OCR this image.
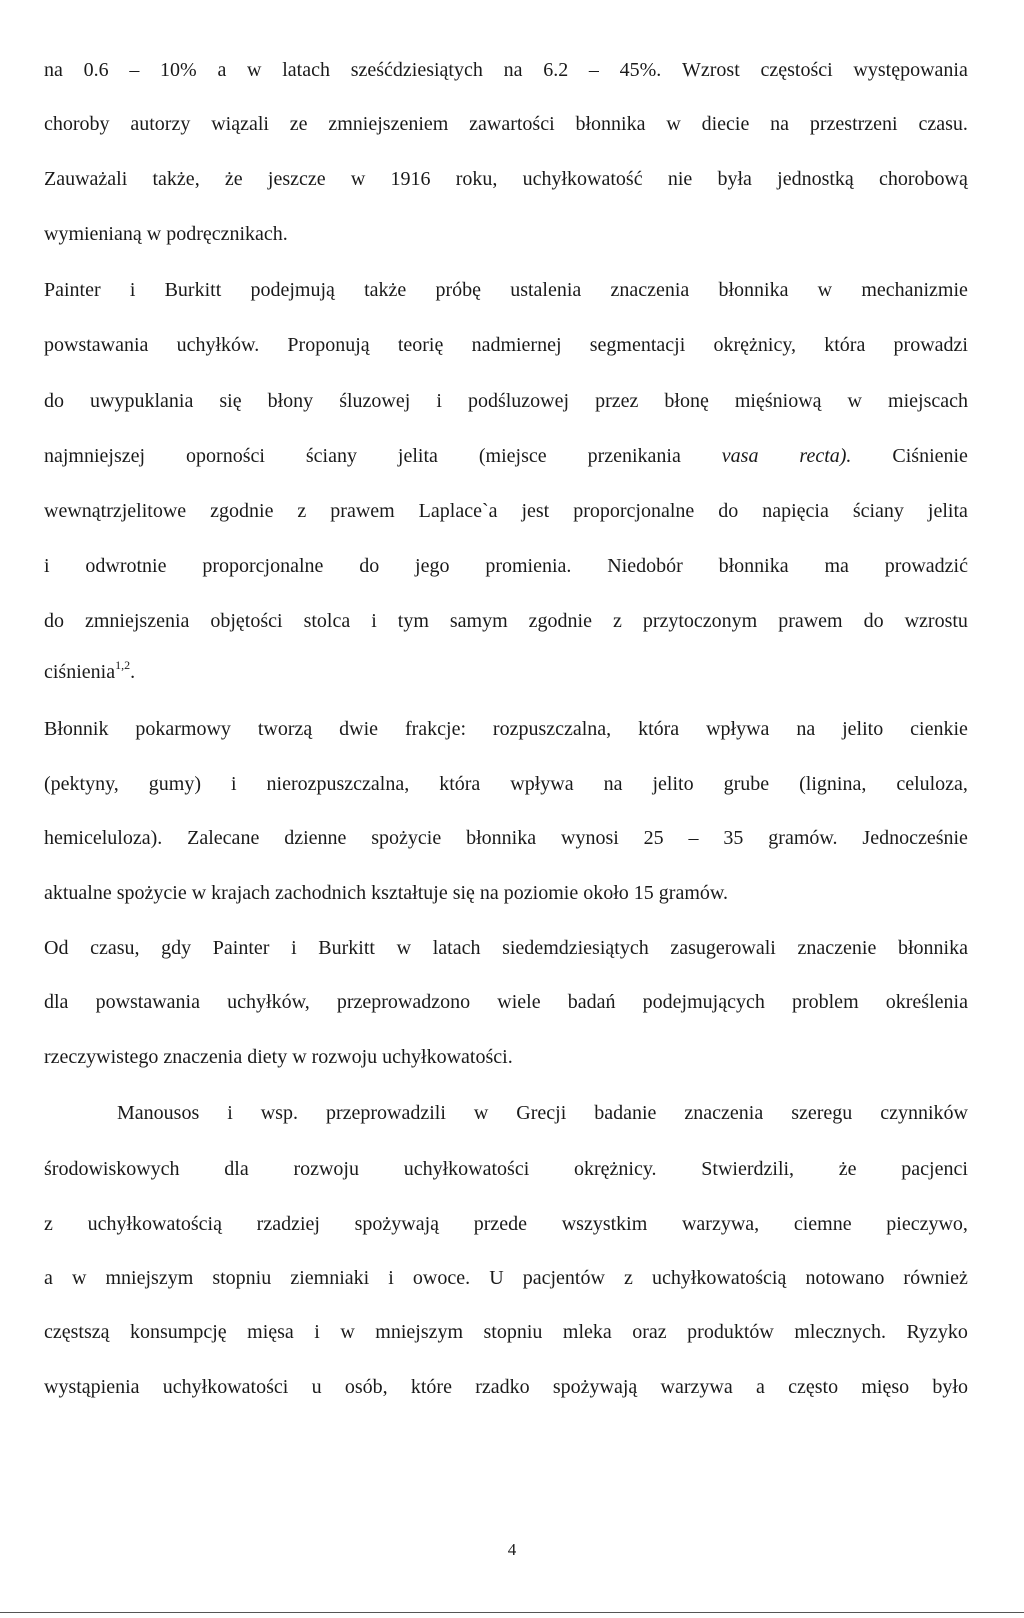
na 0.6 – 10% a w latach sześćdziesiątych na 6.2 – 45%. Wzrost częstości występowania
choroby autorzy wiązali ze zmniejszeniem zawartości błonnika w diecie na przestrzeni czasu.
Zauważali także, że jeszcze w 1916 roku, uchyłkowatość nie była jednostką chorobową
wymienianą w podręcznikach.
Painter i Burkitt podejmują także próbę ustalenia znaczenia błonnika w mechanizmie
powstawania uchyłków. Proponują teorię nadmiernej segmentacji okrężnicy, która prowadzi
do uwypuklania się błony śluzowej i podśluzowej przez błonę mięśniową w miejscach
najmniejszej oporności ściany jelita (miejsce przenikania vasa recta). Ciśnienie
wewnątrzjelitowe zgodnie z prawem Laplace`a jest proporcjonalne do napięcia ściany jelita
i odwrotnie proporcjonalne do jego promienia. Niedobór błonnika ma prowadzić
do zmniejszenia objętości stolca i tym samym zgodnie z przytoczonym prawem do wzrostu
ciśnienia$^{1,2}$.
Błonnik pokarmowy tworzą dwie frakcje: rozpuszczalna, która wpływa na jelito cienkie
(pektyny, gumy) i nierozpuszczalna, która wpływa na jelito grube (lignina, celuloza,
hemiceluloza). Zalecane dzienne spożycie błonnika wynosi 25 – 35 gramów. Jednocześnie
aktualne spożycie w krajach zachodnich kształtuje się na poziomie około 15 gramów.
Od czasu, gdy Painter i Burkitt w latach siedemdziesiątych zasugerowali znaczenie błonnika
dla powstawania uchyłków, przeprowadzono wiele badań podejmujących problem określenia
rzeczywistego znaczenia diety w rozwoju uchyłkowatości.
Manousos i wsp. przeprowadzili w Grecji badanie znaczenia szeregu czynników
środowiskowych dla rozwoju uchyłkowatości okrężnicy. Stwierdzili, że pacjenci
z uchyłkowatością rzadziej spożywają przede wszystkim warzywa, ciemne pieczywo,
a w mniejszym stopniu ziemniaki i owoce. U pacjentów z uchyłkowatością notowano również
częstszą konsumpcję mięsa i w mniejszym stopniu mleka oraz produktów mlecznych. Ryzyko
wystąpienia uchyłkowatości u osób, które rzadko spożywają warzywa a często mięso było
4
